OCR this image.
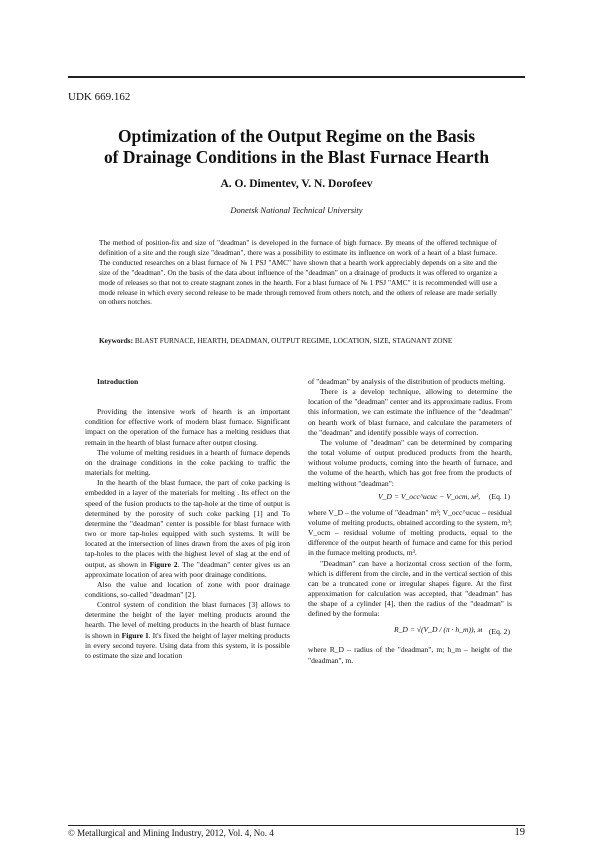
UDK 669.162
Optimization of the Output Regime on the Basis
of Drainage Conditions in the Blast Furnace Hearth
A. O. Dimentev, V. N. Dorofeev
Donetsk National Technical University

The method of position-fix and size of "deadman" is developed in the furnace of high furnace. By means of the offered technique of definition of a site and the rough size "deadman", there was a possibility to estimate its influence on work of a heart of a blast furnace. The conducted researches on a blast furnace of № 1 PSJ "AMC" have shown that a hearth work appreciably depends on a site and the size of the "deadman". On the basis of the data about influence of the "deadman" on a drainage of products it was offered to organize a mode of releases so that not to create stagnant zones in the hearth. For a blast furnace of № 1 PSJ "AMC" it is recommended will use a mode release in which every second release to be made through removed from others notch, and the others of release are made serially on others notches.

Keywords: BLAST FURNACE, HEARTH, DEADMAN, OUTPUT REGIME, LOCATION, SIZE, STAGNANT ZONE

Introduction

Providing the intensive work of hearth is an important condition for effective work of modern blast furnace. Significant impact on the operation of the furnace has a melting residues that remain in the hearth of blast furnace after output closing.

The volume of melting residues in a hearth of furnace depends on the drainage conditions in the coke packing to traffic the materials for melting.

In the hearth of the blast furnace, the part of coke packing is embedded in a layer of the materials for melting . Its effect on the speed of the fusion products to the tap-hole at the time of output is determined by the porosity of such coke packing [1] and To determine the "deadman" center is possible for blast furnace with two or more tap-holes equipped with such systems. It will be located at the intersection of lines drawn from the axes of pig iron tap-holes to the places with the highest level of slag at the end of output, as shown in Figure 2. The "deadman" center gives us an approximate location of area with poor drainage conditions.

Also the value and location of zone with poor drainage conditions, so-called "deadman" [2].

Control system of condition the blast furnaces [3] allows to determine the height of the layer melting products around the hearth. The level of melting products in the hearth of blast furnace is shown in Figure 1. It's fixed the height of layer melting products in every second tuyere. Using data from this system, it is possible to estimate the size and location

of "deadman" by analysis of the distribution of products melting.

There is a develop technique, allowing to determine the location of the "deadman" center and its approximate radius. From this information, we can estimate the influence of the "deadman" on hearth work of blast furnace, and calculate the parameters of the "deadman" and identify possible ways of correction.

The volume of "deadman" can be determined by comparing the total volume of output produced products from the hearth, without volume products, coming into the hearth of furnace, and the volume of the hearth, which has got free from the products of melting without "deadman":

V_D = V_occ^ucuc − V_ocm, м³, (Eq. 1)

where V_D – the volume of "deadman" m³; V_occ^ucuc – residual volume of melting products, obtained according to the system, m³; V_ocm – residual volume of melting products, equal to the difference of the output hearth of furnace and came for this period in the furnace melting products, m³.

"Deadman" can have a horizontal cross section of the form, which is different from the circle, and in the vertical section of this can be a truncated cone or irregular shapes figure. At the first approximation for calculation was accepted, that "deadman" has the shape of a cylinder [4], then the radius of the "deadman" is defined by the formula:

R_D = √(V_D / (π · h_m)), м (Eq. 2)

where R_D – radius of the "deadman", m; h_m – height of the "deadman", m.

© Metallurgical and Mining Industry, 2012, Vol. 4, No. 4	19
